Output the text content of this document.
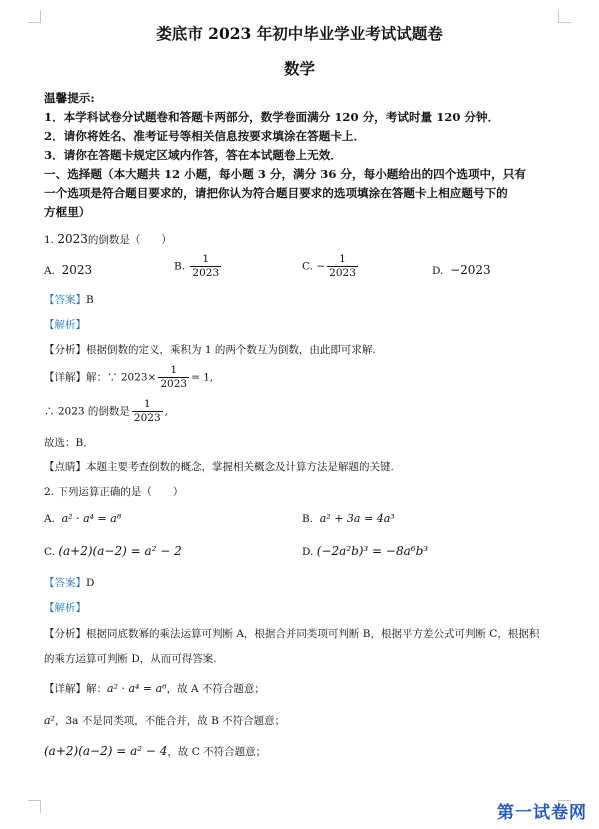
娄底市 2023 年初中毕业学业考试试题卷
数学
温馨提示:
1．本学科试卷分试题卷和答题卡两部分，数学卷面满分 120 分，考试时量 120 分钟．
2．请你将姓名、准考证号等相关信息按要求填涂在答题卡上．
3．请你在答题卡规定区域内作答，答在本试题卷上无效．
一、选择题（本大题共 12 小题，每小题 3 分，满分 36 分，每小题给出的四个选项中，只有
一个选项是符合题目要求的，请把你认为符合题目要求的选项填涂在答题卡上相应题号下的
方框里）
1. 2023的倒数是（　　）
A. 2023	B. $\frac{1}{2023}$	C. − $\frac{1}{2023}$	D. −2023
【答案】B
【解析】
【分析】根据倒数的定义，乘积为 1 的两个数互为倒数，由此即可求解.
【详解】解：∵ $2023\times \frac{1}{2023} = 1$,
∴ 2023 的倒数是 $\frac{1}{2023}$ ,
故选：B．
【点睛】本题主要考查倒数的概念，掌握相关概念及计算方法是解题的关键.
2. 下列运算正确的是（　　）
A. a² · a⁴ = a⁸	B. a² + 3a = 4a³
C. (a+2)(a−2) = a² − 2	D. (−2a²b)³ = −8a⁶b³
【答案】D
【解析】
【分析】根据同底数幂的乘法运算可判断 A，根据合并同类项可判断 B，根据平方差公式可判断 C，根据积
的乘方运算可判断 D，从而可得答案.
【详解】解：a² · a⁴ = a⁶，故 A 不符合题意；
a²，3a 不是同类项，不能合并，故 B 不符合题意；
(a+2)(a−2) = a² − 4，故 C 不符合题意；
第一试卷网
